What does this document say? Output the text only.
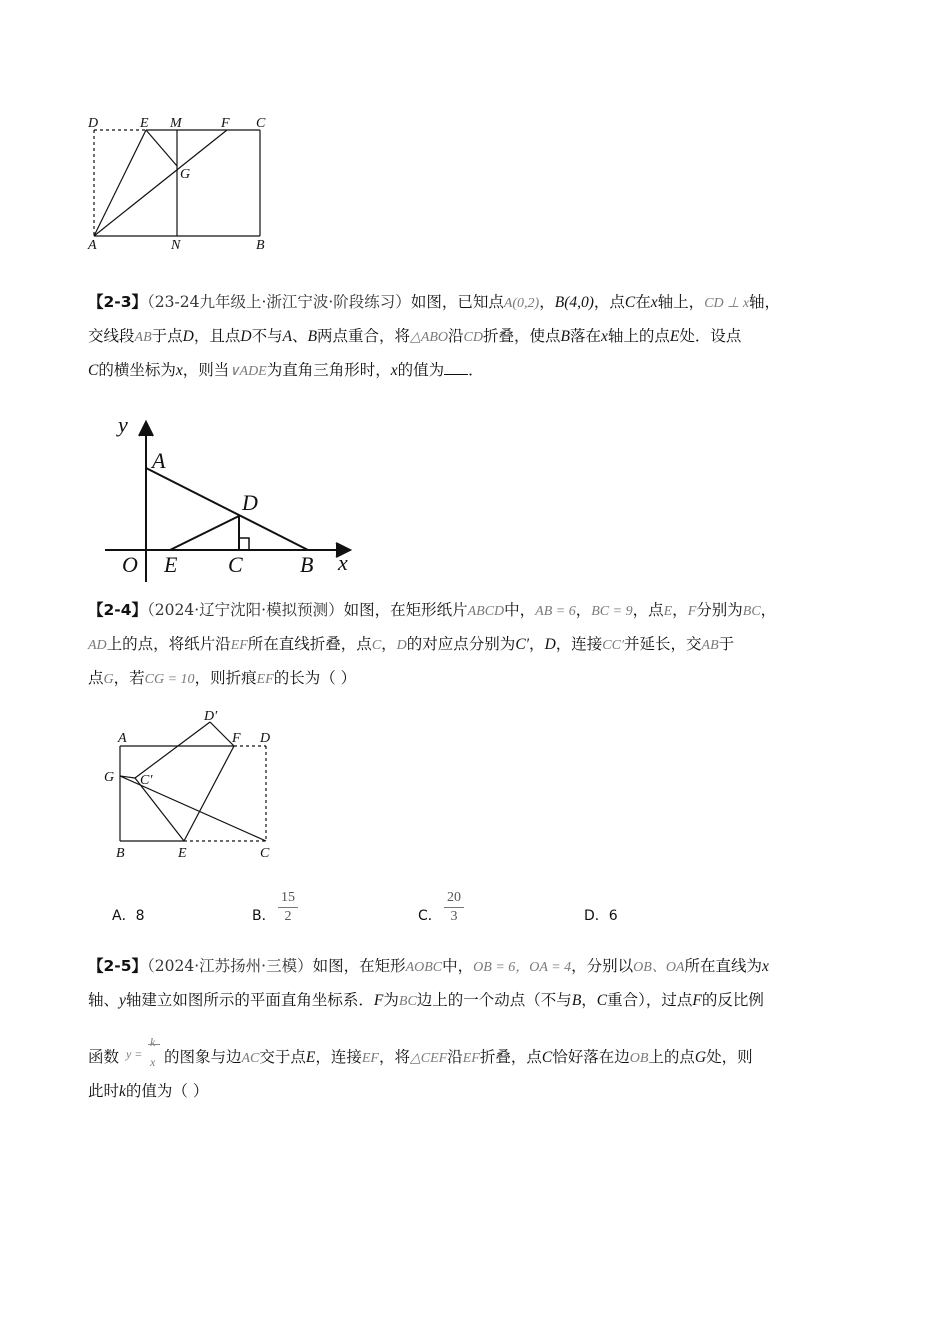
D	E M	F C
G
A	N	B
【2-3】（23-24九年级上·浙江宁波·阶段练习）如图，已知点A(0,2)，B(4,0)，点C在x轴上，CD ⊥ x轴，
交线段AB于点D，且点D不与A、B两点重合，将△ABO沿CD折叠，使点B落在x轴上的点E处．设点
C的横坐标为x，则当∨ADE为直角三角形时，x的值为 ．
y
A
D
O E C	B x
【2-4】（2024·辽宁沈阳·模拟预测）如图，在矩形纸片ABCD中，AB = 6，BC = 9，点E，F分别为BC，
AD上的点，将纸片沿EF所在直线折叠，点C，D的对应点分别为C′，D，连接CC′并延长，交AB于
点G，若CG = 10，则折痕EF的长为（ ）
D′
A	F D
G C′
B	E	C
A．8	B．
15
2	C．
20
3	D．6
【2-5】（2024·江苏扬州·三模）如图，在矩形AOBC中，OB = 6，OA = 4，分别以OB、OA所在直线为x
轴、y轴建立如图所示的平面直角坐标系．F为BC边上的一个动点（不与B，C重合），过点F的反比例
函数 y =
k
x 的图象与边AC交于点E，连接EF，将△CEF沿EF折叠，点C恰好落在边OB上的点G处，则
此时k的值为（ ）
